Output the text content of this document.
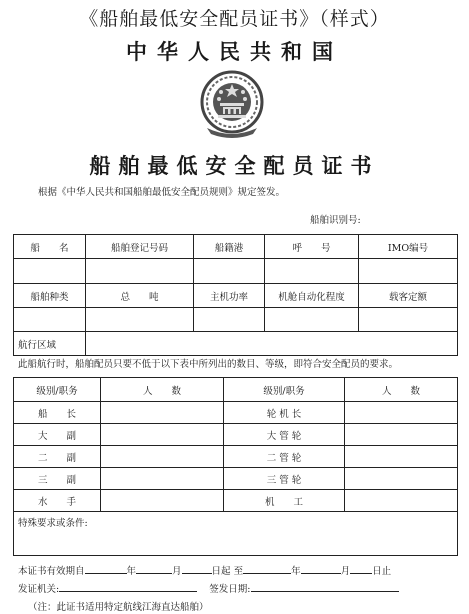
《船舶最低安全配员证书》（样式）
中华人民共和国
船舶最低安全配员证书
根据《中华人民共和国船舶最低安全配员规则》规定签发。
船舶识别号:
船　　名	船舶登记号码	船籍港	呼　　号	IMO编号

船舶种类	总　　吨	主机功率	机舱自动化程度	载客定额

航行区域				
此船航行时，船舶配员只要不低于以下表中所列出的数目、等级，即符合安全配员的要求。
级别/职务	人　　数	级别/职务	人　　数
船　　长		轮 机 长	
大　　副		大 管 轮	
二　　副		二 管 轮	
三　　副		三 管 轮	
水　　手		机　　工	
特殊要求或条件:			
本证书有效期自	年	月	日起 至	年	月 日止
发证机关:	签发日期:
（注：此证书适用特定航线江海直达船舶）
